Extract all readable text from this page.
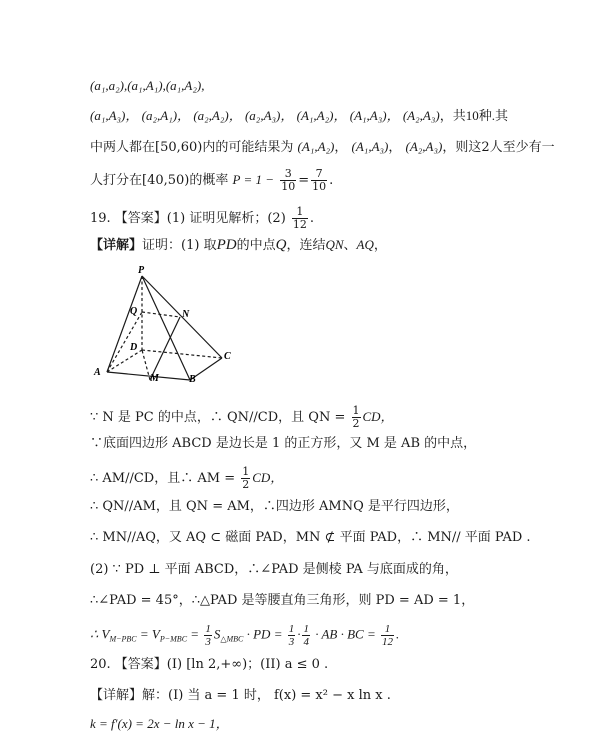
(a₁,a₂),(a₁,A₁),(a₁,A₂),
(a₁,A₃)， (a₂,A₁)， (a₂,A₂)， (a₂,A₃)， (A₁,A₂)， (A₁,A₃)， (A₂,A₃)，共10种.其
中两人都在[50,60)内的可能结果为 (A₁,A₂)， (A₁,A₃)， (A₂,A₃)，则这2人至少有一
人打分在[40,50)的概率 $P = 1 - \frac{3}{10} = \frac{7}{10}$ .
19. 【答案】(1) 证明见解析；$(2) \frac{1}{12}$ .
【详解】证明：(1) 取PD的中点Q，连结QN、AQ，
P
Q	N
D
C
A
M	B
∵ N 是 PC 的中点，∴ QN//CD，且 QN = $\frac{1}{2}$ CD，
∵底面四边形 ABCD 是边长是 1 的正方形，又 M 是 AB 的中点，
∴ AM//CD，且∴ AM = $\frac{1}{2}$ CD，
∴ QN//AM，且 QN = AM，∴四边形 AMNQ 是平行四边形，
∴ MN//AQ，又 AQ ⊂ 磁面 PAD，MN ⊄ 平面 PAD，∴ MN// 平面 PAD .
(2) ∵ PD ⊥ 平面 ABCD，∴∠PAD 是侧棱 PA 与底面成的角，
∴∠PAD = 45°，∴△PAD 是等腰直角三角形，则 PD = AD = 1，
∴ $V_{M-PBC} = V_{P-MBC} = \frac{1}{3} S_{\triangle MBC}$ · PD = $\frac{1}{3} \cdot \frac{1}{4}$ · AB · BC = $\frac{1}{12}$ .
20. 【答案】(I) [ln 2,+∞)；(II) a ≤ 0 .
【详解】解：(I) 当 a = 1 时， f(x) = x² − x ln x .
k = f′(x) = 2x − ln x − 1，
